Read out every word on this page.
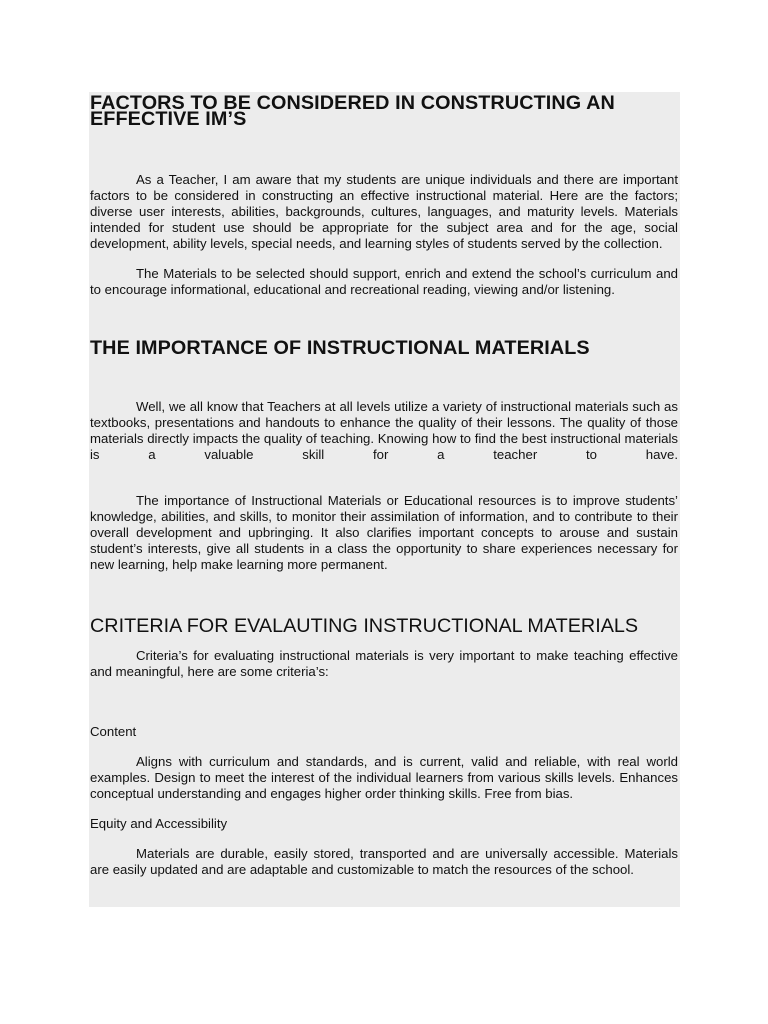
FACTORS TO BE CONSIDERED IN CONSTRUCTING AN EFFECTIVE IM’S

As a Teacher, I am aware that my students are unique individuals and there are important factors to be considered in constructing an effective instructional material. Here are the factors; diverse user interests, abilities, backgrounds, cultures, languages, and maturity levels. Materials intended for student use should be appropriate for the subject area and for the age, social development, ability levels, special needs, and learning styles of students served by the collection.

The Materials to be selected should support, enrich and extend the school’s curriculum and to encourage informational, educational and recreational reading, viewing and/or listening.

THE IMPORTANCE OF INSTRUCTIONAL MATERIALS

Well, we all know that Teachers at all levels utilize a variety of instructional materials such as textbooks, presentations and handouts to enhance the quality of their lessons. The quality of those materials directly impacts the quality of teaching. Knowing how to find the best instructional materials is a valuable skill for a teacher to have.

The importance of Instructional Materials or Educational resources is to improve students’ knowledge, abilities, and skills, to monitor their assimilation of information, and to contribute to their overall development and upbringing. It also clarifies important concepts to arouse and sustain student’s interests, give all students in a class the opportunity to share experiences necessary for new learning, help make learning more permanent.

CRITERIA FOR EVALAUTING INSTRUCTIONAL MATERIALS

Criteria’s for evaluating instructional materials is very important to make teaching effective and meaningful, here are some criteria’s:

Content

Aligns with curriculum and standards, and is current, valid and reliable, with real world examples. Design to meet the interest of the individual learners from various skills levels. Enhances conceptual understanding and engages higher order thinking skills. Free from bias.

Equity and Accessibility

Materials are durable, easily stored, transported and are universally accessible. Materials are easily updated and are adaptable and customizable to match the resources of the school.
